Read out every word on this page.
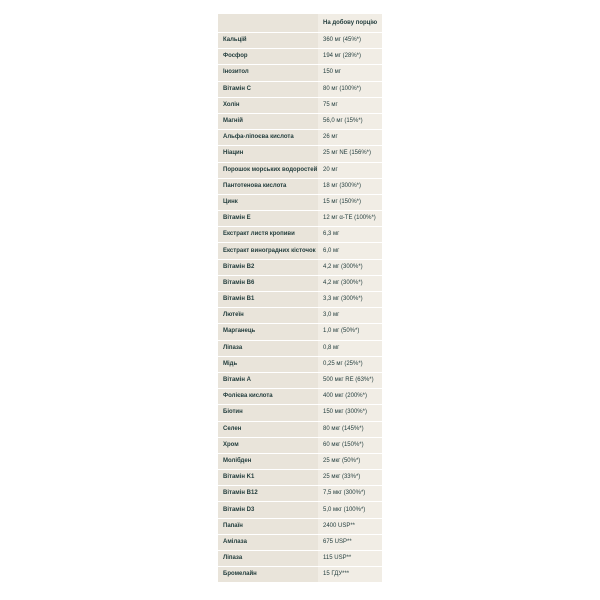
	На добову порцію
Кальцій	360 мг (45%*)
Фосфор	194 мг (28%*)
Інозитол	150 мг
Вітамін C	80 мг (100%*)
Холін	75 мг
Магній	56,0 мг (15%*)
Альфа-ліпоєва кислота	26 мг
Ніацин	25 мг NE (156%*)
Порошок морських водоростей	20 мг
Пантотенова кислота	18 мг (300%*)
Цинк	15 мг (150%*)
Вітамін Е	12 мг α-TE (100%*)
Екстракт листя кропиви	6,3 мг
Екстракт виноградних кісточок	6,0 мг
Вітамін B2	4,2 мг (300%*)
Вітамін B6	4,2 мг (300%*)
Вітамін B1	3,3 мг (300%*)
Лютеїн	3,0 мг
Марганець	1,0 мг (50%*)
Ліпаза	0,8 мг
Мідь	0,25 мг (25%*)
Вітамін A	500 мкг RE (63%*)
Фолієва кислота	400 мкг (200%*)
Біотин	150 мкг (300%*)
Селен	80 мкг (145%*)
Хром	60 мкг (150%*)
Молібден	25 мкг (50%*)
Вітамін K1	25 мкг (33%*)
Вітамін B12	7,5 мкг (300%*)
Вітамін D3	5,0 мкг (100%*)
Папаїн	2400 USP**
Амілаза	675 USP**
Ліпаза	115 USP**
Бромелайн	15 ГДУ***
